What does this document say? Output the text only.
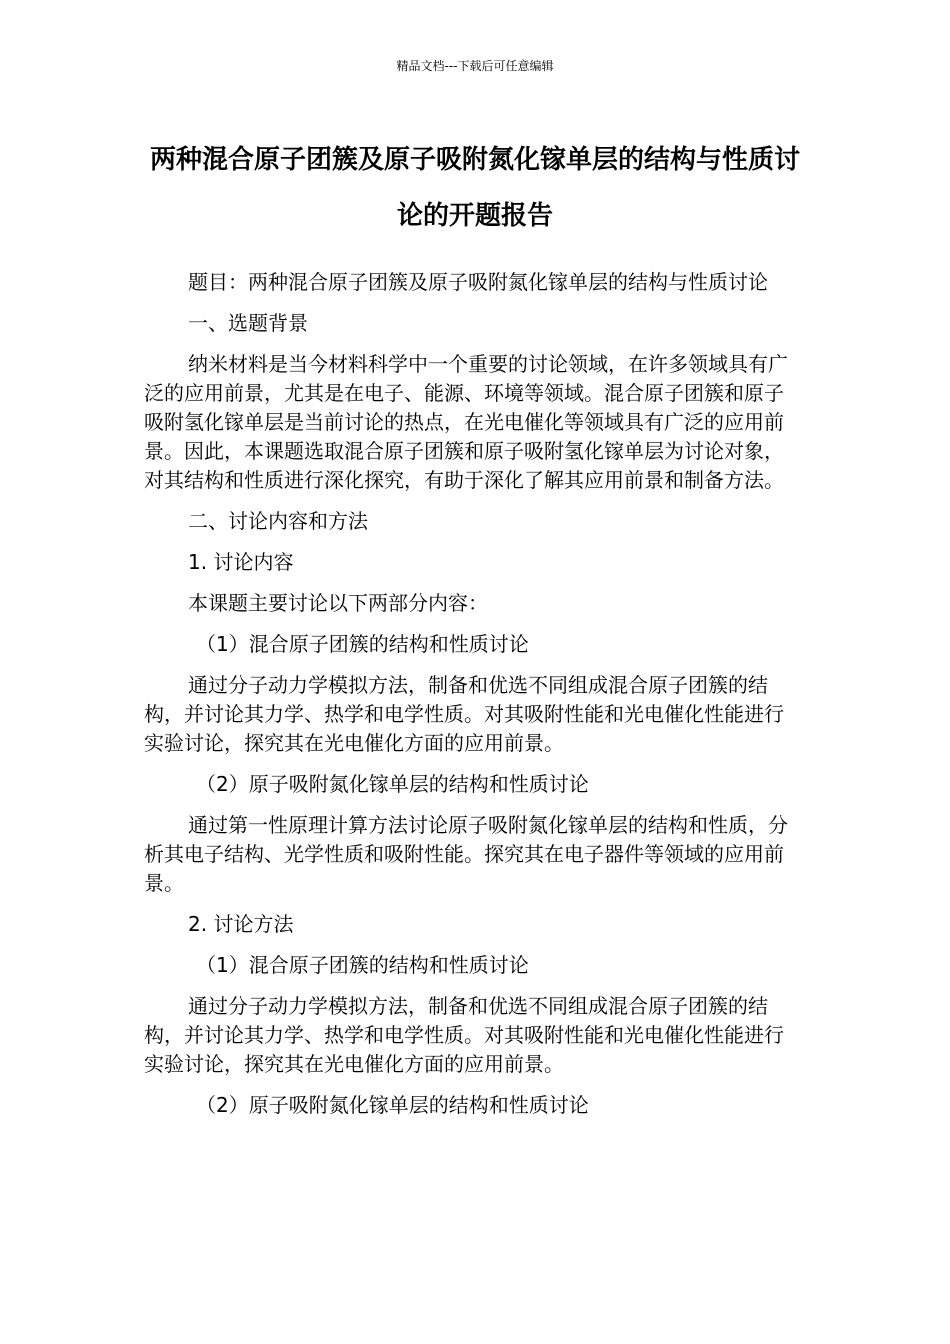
精品文档---下载后可任意编辑
两种混合原子团簇及原子吸附氮化镓单层的结构与性质讨论的开题报告

题目：两种混合原子团簇及原子吸附氮化镓单层的结构与性质讨论

一、选题背景

纳米材料是当今材料科学中一个重要的讨论领域，在许多领域具有广泛的应用前景，尤其是在电子、能源、环境等领域。混合原子团簇和原子吸附氢化镓单层是当前讨论的热点，在光电催化等领域具有广泛的应用前景。因此，本课题选取混合原子团簇和原子吸附氢化镓单层为讨论对象，对其结构和性质进行深化探究，有助于深化了解其应用前景和制备方法。

二、讨论内容和方法

1. 讨论内容

本课题主要讨论以下两部分内容：

（1）混合原子团簇的结构和性质讨论

通过分子动力学模拟方法，制备和优选不同组成混合原子团簇的结构，并讨论其力学、热学和电学性质。对其吸附性能和光电催化性能进行实验讨论，探究其在光电催化方面的应用前景。

（2）原子吸附氮化镓单层的结构和性质讨论

通过第一性原理计算方法讨论原子吸附氮化镓单层的结构和性质，分析其电子结构、光学性质和吸附性能。探究其在电子器件等领域的应用前景。

2. 讨论方法

（1）混合原子团簇的结构和性质讨论

通过分子动力学模拟方法，制备和优选不同组成混合原子团簇的结构，并讨论其力学、热学和电学性质。对其吸附性能和光电催化性能进行实验讨论，探究其在光电催化方面的应用前景。

（2）原子吸附氮化镓单层的结构和性质讨论
